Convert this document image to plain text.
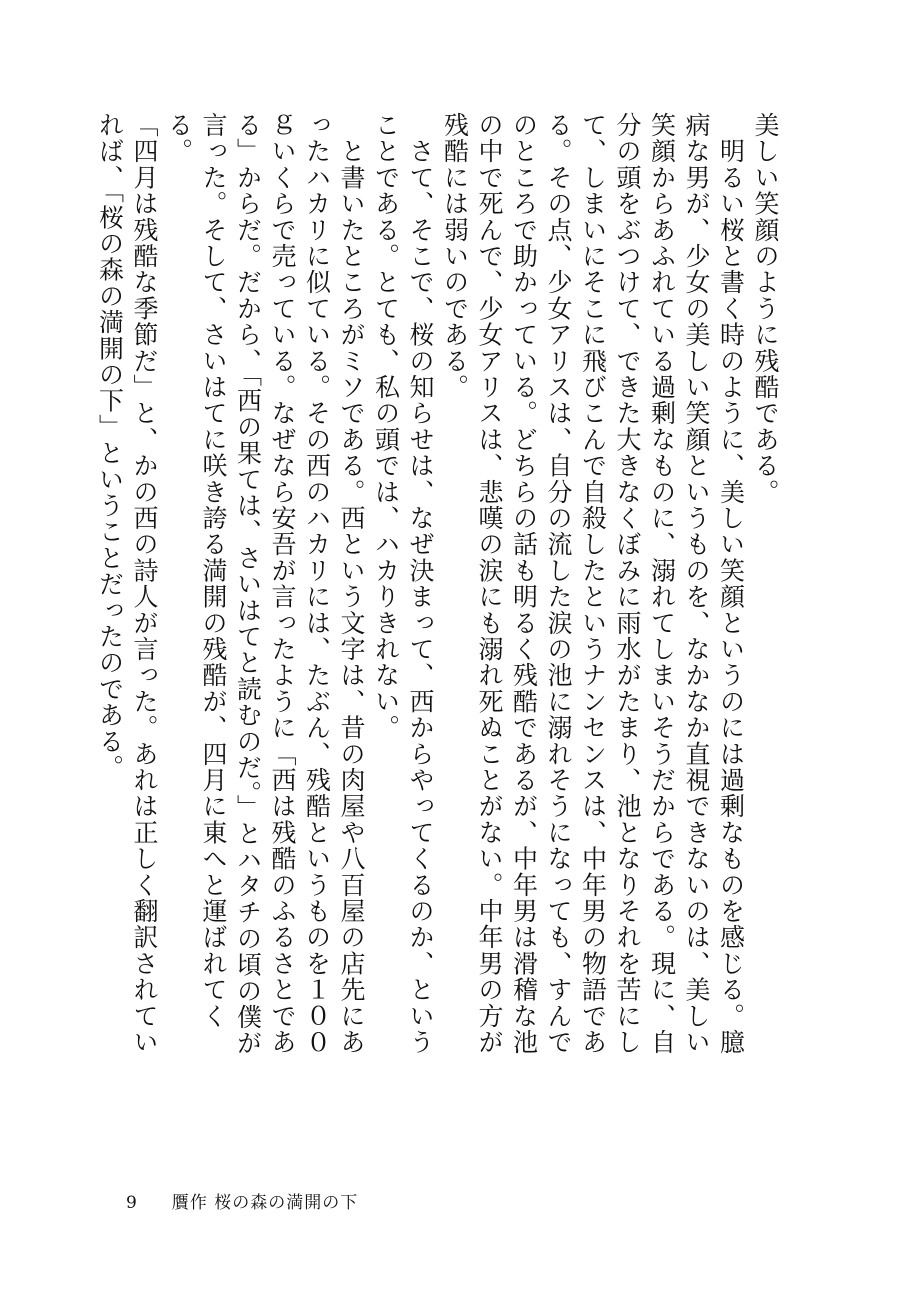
美しい笑顔のように残酷である。

　明るい桜と書く時のように、美しい笑顔というのには過剰なものを感じる。臆病な男が、少女の美しい笑顔というものを、なかなか直視できないのは、美しい笑顔からあふれている過剰なものに、溺れてしまいそうだからである。現に、自分の頭をぶつけて、できた大きなくぼみに雨水がたまり、池となりそれを苦にして、しまいにそこに飛びこんで自殺したというナンセンスは、中年男の物語である。その点、少女アリスは、自分の流した涙の池に溺れそうになっても、すんでのところで助かっている。どちらの話も明るく残酷であるが、中年男は滑稽な池の中で死んで、少女アリスは、悲嘆の涙にも溺れ死ぬことがない。中年男の方が残酷には弱いのである。

　さて、そこで、桜の知らせは、なぜ決まって、西からやってくるのか、ということである。とても、私の頭では、ハカりきれない。

　と書いたところがミソである。西という文字は、昔の肉屋や八百屋の店先にあったハカリに似ている。その西のハカリには、たぶん、残酷というものを１００ｇいくらで売っている。なぜなら安吾が言ったように「西は残酷のふるさとである」からだ。だから、「西の果ては、さいはてと読むのだ。」とハタチの頃の僕が言った。そして、さいはてに咲き誇る満開の残酷が、四月に東へと運ばれてくる。

「四月は残酷な季節だ」と、かの西の詩人が言った。あれは正しく翻訳されていれば、「桜の森の満開の下」ということだったのである。

9 贋作 桜の森の満開の下
